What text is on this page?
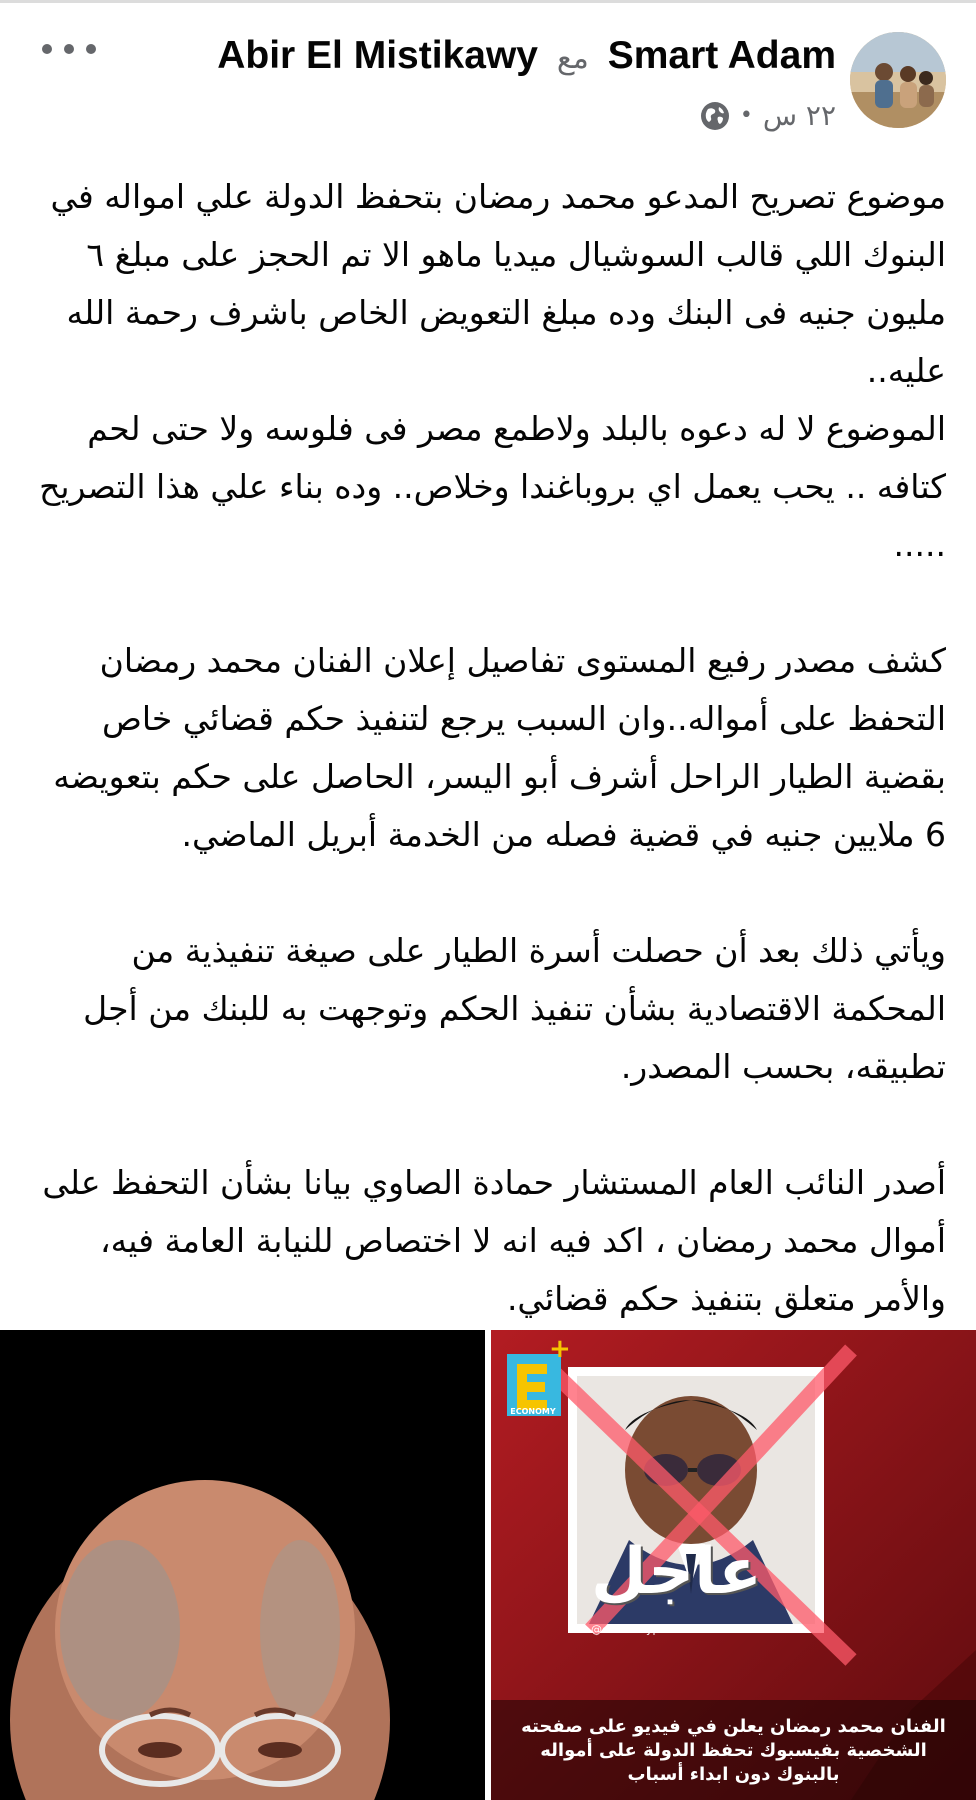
Smart Adam مع Abir El Mistikawy
٢٢ س
•

موضوع تصريح المدعو محمد رمضان بتحفظ الدولة علي امواله في البنوك اللي قالب السوشيال ميديا ماهو الا تم الحجز على مبلغ ٦ مليون جنيه فى البنك وده مبلغ التعويض الخاص باشرف رحمة الله عليه..

الموضوع لا له دعوه بالبلد ولاطمع مصر فى فلوسه ولا حتى لحم كتافه .. يحب يعمل اي بروباغندا وخلاص.. وده بناء علي هذا التصريح .....

كشف مصدر رفيع المستوى تفاصيل إعلان الفنان محمد رمضان التحفظ على أمواله..وان السبب يرجع لتنفيذ حكم قضائي خاص بقضية الطيار الراحل أشرف أبو اليسر، الحاصل على حكم بتعويضه 6 ملايين جنيه في قضية فصله من الخدمة أبريل الماضي.

ويأتي ذلك بعد أن حصلت أسرة الطيار على صيغة تنفيذية من المحكمة الاقتصادية بشأن تنفيذ الحكم وتوجهت به للبنك من أجل تطبيقه، بحسب المصدر.

أصدر النائب العام المستشار حمادة الصاوي بيانا بشأن التحفظ على أموال محمد رمضان ، اكد فيه انه لا اختصاص للنيابة العامة فيه، والأمر متعلق بتنفيذ حكم قضائي.

ECONOMY
+
عاجل
@economyplusme
الفنان محمد رمضان يعلن في فيديو على صفحته
الشخصية بفيسبوك تحفظ الدولة على أمواله
بالبنوك دون ابداء أسباب
